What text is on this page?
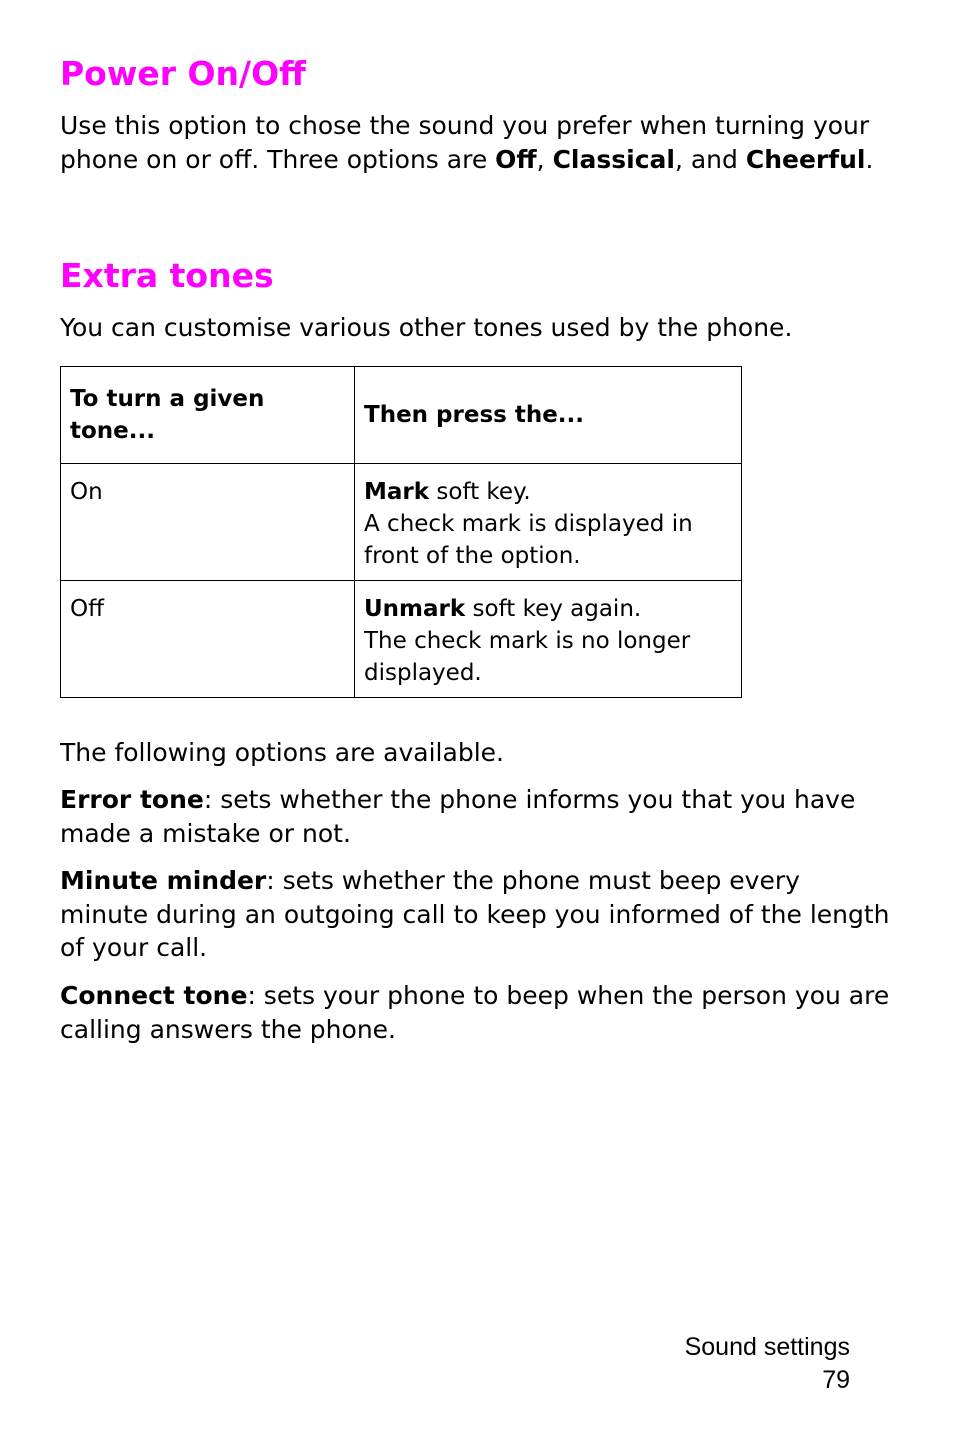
Power On/Off

Use this option to chose the sound you prefer when turning your phone on or off. Three options are Off, Classical, and Cheerful.

Extra tones

You can customise various other tones used by the phone.

To turn a given tone...	Then press the...
On	Mark soft key.
A check mark is displayed in front of the option.

Off	Unmark soft key again.
The check mark is no longer displayed.

The following options are available.

Error tone: sets whether the phone informs you that you have made a mistake or not.

Minute minder: sets whether the phone must beep every minute during an outgoing call to keep you informed of the length of your call.

Connect tone: sets your phone to beep when the person you are calling answers the phone.

Sound settings
79
